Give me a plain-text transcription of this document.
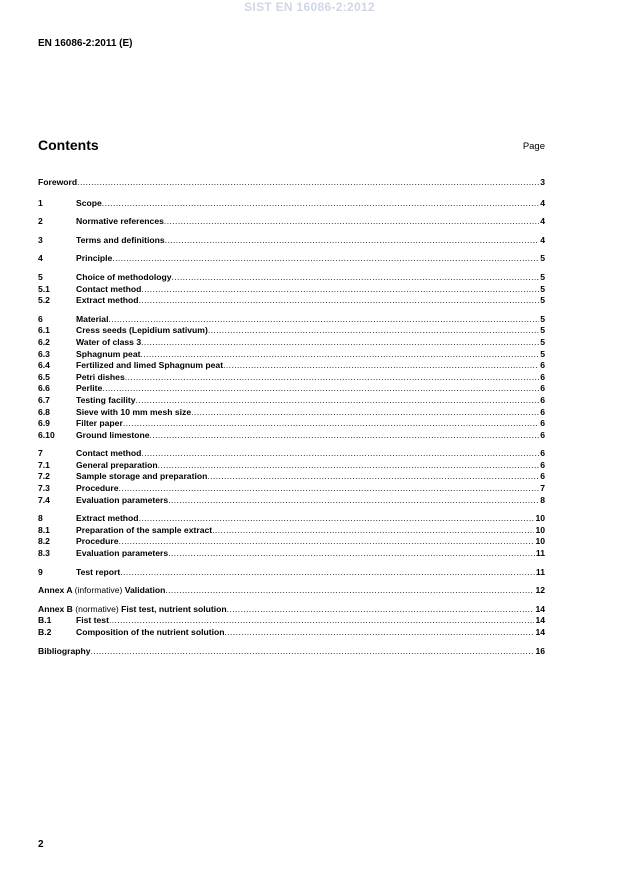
SIST EN 16086-2:2012
EN 16086-2:2011 (E)
Contents	Page
Foreword .....	3
1	Scope .....	4
2	Normative references .....	4
3	Terms and definitions .....	4
4	Principle .....	5
5	Choice of methodology .....	5
5.1	Contact method .....	5
5.2	Extract method .....	5
6	Material .....	5
6.1	Cress seeds (Lepidium sativum) .....	5
6.2	Water of class 3 .....	5
6.3	Sphagnum peat .....	5
6.4	Fertilized and limed Sphagnum peat .....	6
6.5	Petri dishes .....	6
6.6	Perlite .....	6
6.7	Testing facility .....	6
6.8	Sieve with 10 mm mesh size .....	6
6.9	Filter paper .....	6
6.10	Ground limestone .....	6
7	Contact method .....	6
7.1	General preparation .....	6
7.2	Sample storage and preparation .....	6
7.3	Procedure .....	7
7.4	Evaluation parameters .....	8
8	Extract method .....	10
8.1	Preparation of the sample extract .....	10
8.2	Procedure .....	10
8.3	Evaluation parameters .....	11
9	Test report .....	11
Annex A (informative) Validation .....	12
Annex B (normative) Fist test, nutrient solution .....	14
B.1	Fist test .....	14
B.2	Composition of the nutrient solution .....	14
Bibliography .....	16
2
